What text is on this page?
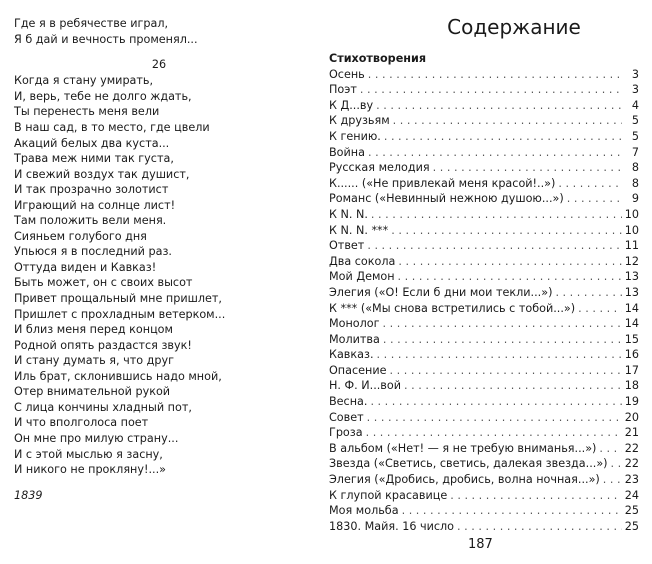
Где я в ребячестве играл,
Я б дай и вечность променял...
26
Когда я стану умирать,
И, верь, тебе не долго ждать,
Ты перенесть меня вели
В наш сад, в то место, где цвели
Акаций белых два куста...
Трава меж ними так густа,
И свежий воздух так душист,
И так прозрачно золотист
Играющий на солнце лист!
Там положить вели меня.
Сияньем голубого дня
Упьюся я в последний раз.
Оттуда виден и Кавказ!
Быть может, он с своих высот
Привет прощальный мне пришлет,
Пришлет с прохладным ветерком...
И близ меня перед концом
Родной опять раздастся звук!
И стану думать я, что друг
Иль брат, склонившись надо мной,
Отер внимательной рукой
С лица кончины хладный пот,
И что вполголоса поет
Он мне про милую страну...
И с этой мыслью я засну,
И никого не прокляну!...»
1839
Содержание
Стихотворения
Осень . . .	3
Поэт . . .	3
К Д...ву . . .	4
К друзьям . . .	5
К гению. . . .	5
Война . . .	7
Русская мелодия . . .	8
К...... («Не привлекай меня красой!..») . . .	8
Романс («Невинный нежною душою...») . . .	9
К N. N. . . .	10
К N. N. *** . . .	10
Ответ . . .	11
Два сокола . . .	12
Мой Демон . . .	13
Элегия («О! Если б дни мои текли...») . . .	13
К *** («Мы снова встретились с тобой...») . . .	14
Монолог . . .	14
Молитва . . .	15
Кавказ. . . .	16
Опасение . . .	17
Н. Ф. И...вой . . .	18
Весна. . . .	19
Совет . . .	20
Гроза . . .	21
В альбом («Нет! — я не требую вниманья...») . . .	22
Звезда («Светись, светись, далекая звезда...») . . . 22
Элегия («Дробись, дробись, волна ночная...») . . . 23
К глупой красавице . . .	24
Моя мольба . . .	25
1830. Майя. 16 число . . .	25
187
